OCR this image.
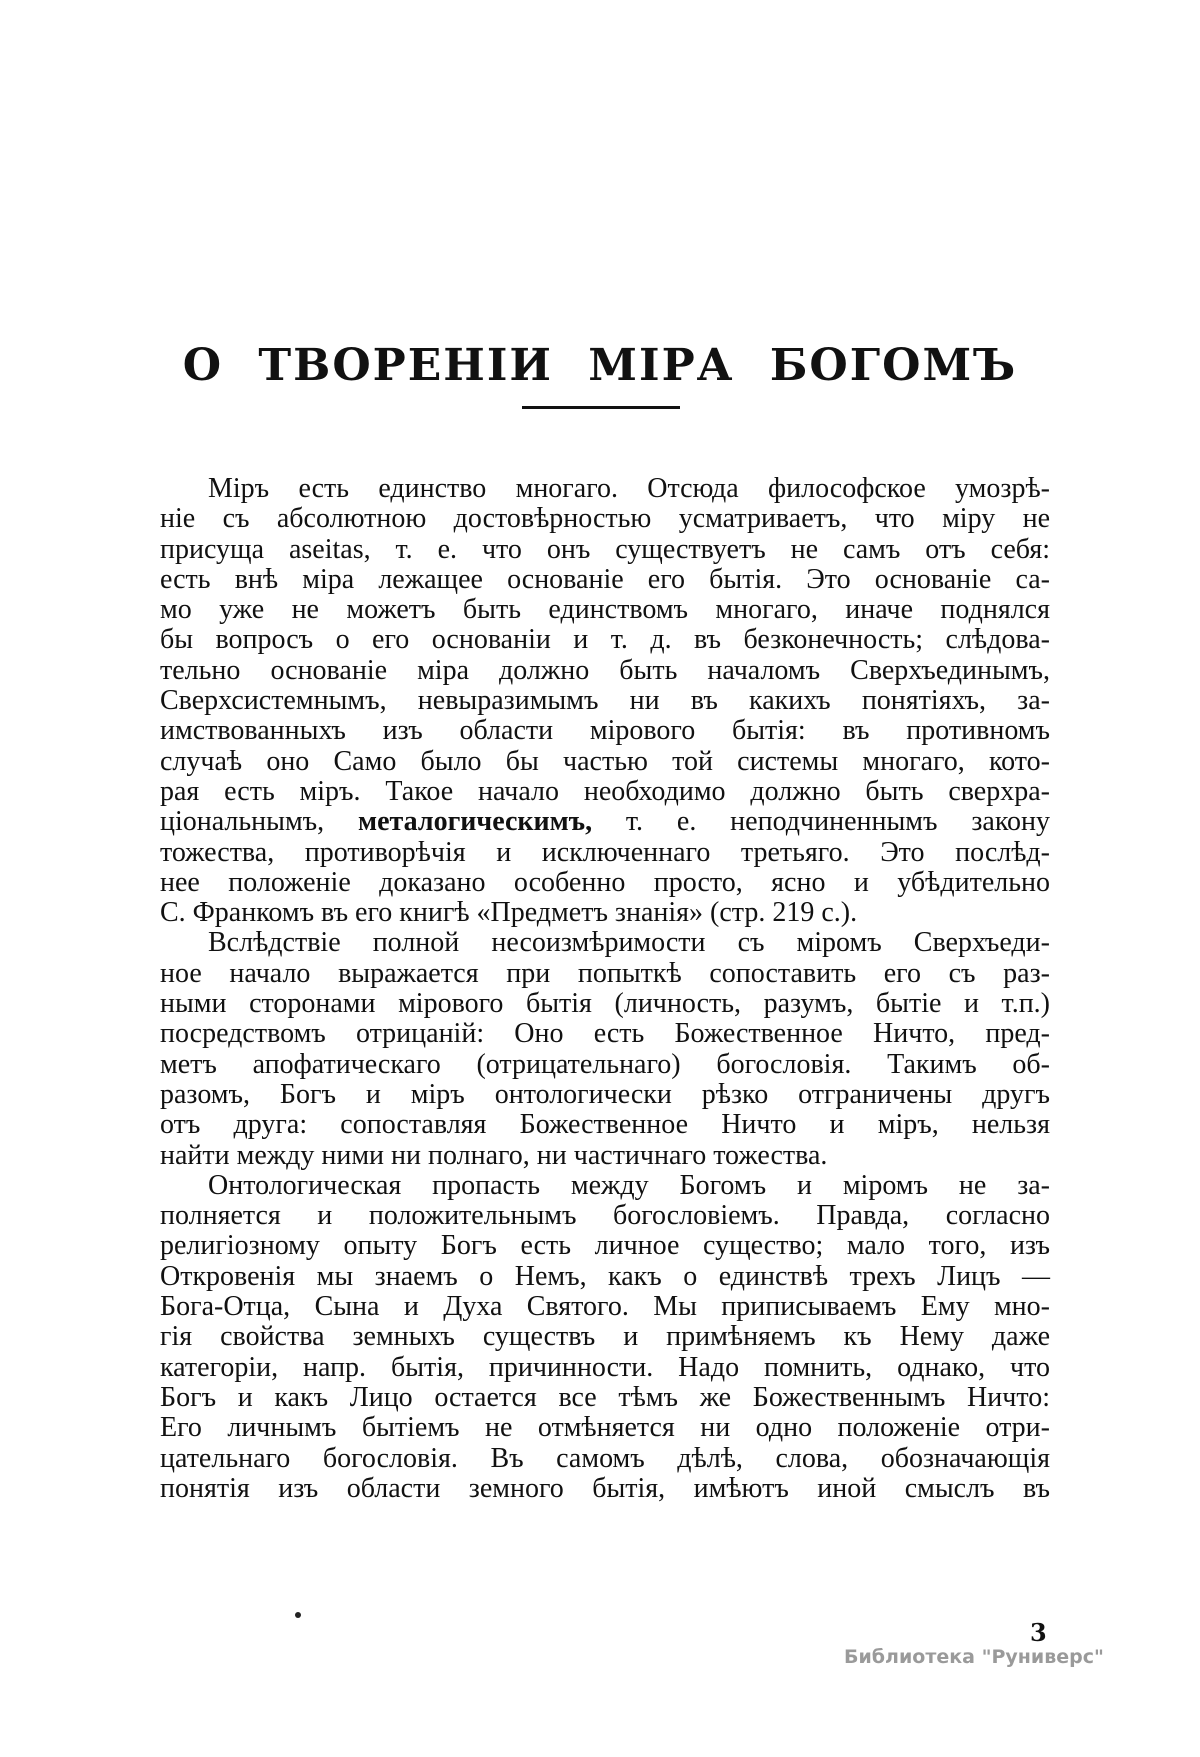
О ТВОРЕНІИ МІРА БОГОМЪ
Міръ есть единство многаго. Отсюда философское умозрѣ-
ніе съ абсолютною достовѣрностью усматриваетъ, что міру не
присуща aseitas, т. е. что онъ существуетъ не самъ отъ себя:
есть внѣ міра лежащее основаніе его бытія. Это основаніе са-
мо уже не можетъ быть единствомъ многаго, иначе поднялся
бы вопросъ о его основаніи и т. д. въ безконечность; слѣдова-
тельно основаніе міра должно быть началомъ Сверхъединымъ,
Сверхсистемнымъ, невыразимымъ ни въ какихъ понятіяхъ, за-
имствованныхъ изъ области мірового бытія: въ противномъ
случаѣ оно Само было бы частью той системы многаго, кото-
рая есть міръ. Такое начало необходимо должно быть сверхра-
ціональнымъ, металогическимъ, т. е. неподчиненнымъ закону
тожества, противорѣчія и исключеннаго третьяго. Это послѣд-
нее положеніе доказано особенно просто, ясно и убѣдительно
С. Франкомъ въ его книгѣ «Предметъ знанія» (стр. 219 с.).
Вслѣдствіе полной несоизмѣримости съ міромъ Сверхъеди-
ное начало выражается при попыткѣ сопоставить его съ раз-
ными сторонами мірового бытія (личность, разумъ, бытіе и т.п.)
посредствомъ отрицаній: Оно есть Божественное Ничто, пред-
метъ апофатическаго (отрицательнаго) богословія. Такимъ об-
разомъ, Богъ и міръ онтологически рѣзко отграничены другъ
отъ друга: сопоставляя Божественное Ничто и міръ, нельзя
найти между ними ни полнаго, ни частичнаго тожества.
Онтологическая пропасть между Богомъ и міромъ не за-
полняется и положительнымъ богословіемъ. Правда, согласно
религіозному опыту Богъ есть личное существо; мало того, изъ
Откровенія мы знаемъ о Немъ, какъ о единствѣ трехъ Лицъ —
Бога-Отца, Сына и Духа Святого. Мы приписываемъ Ему мно-
гія свойства земныхъ существъ и примѣняемъ къ Нему даже
категоріи, напр. бытія, причинности. Надо помнить, однако, что
Богъ и какъ Лицо остается все тѣмъ же Божественнымъ Ничто:
Его личнымъ бытіемъ не отмѣняется ни одно положеніе отри-
цательнаго богословія. Въ самомъ дѣлѣ, слова, обозначающія
понятія изъ области земного бытія, имѣютъ иной смыслъ въ
3
Библиотека "Руниверс"
